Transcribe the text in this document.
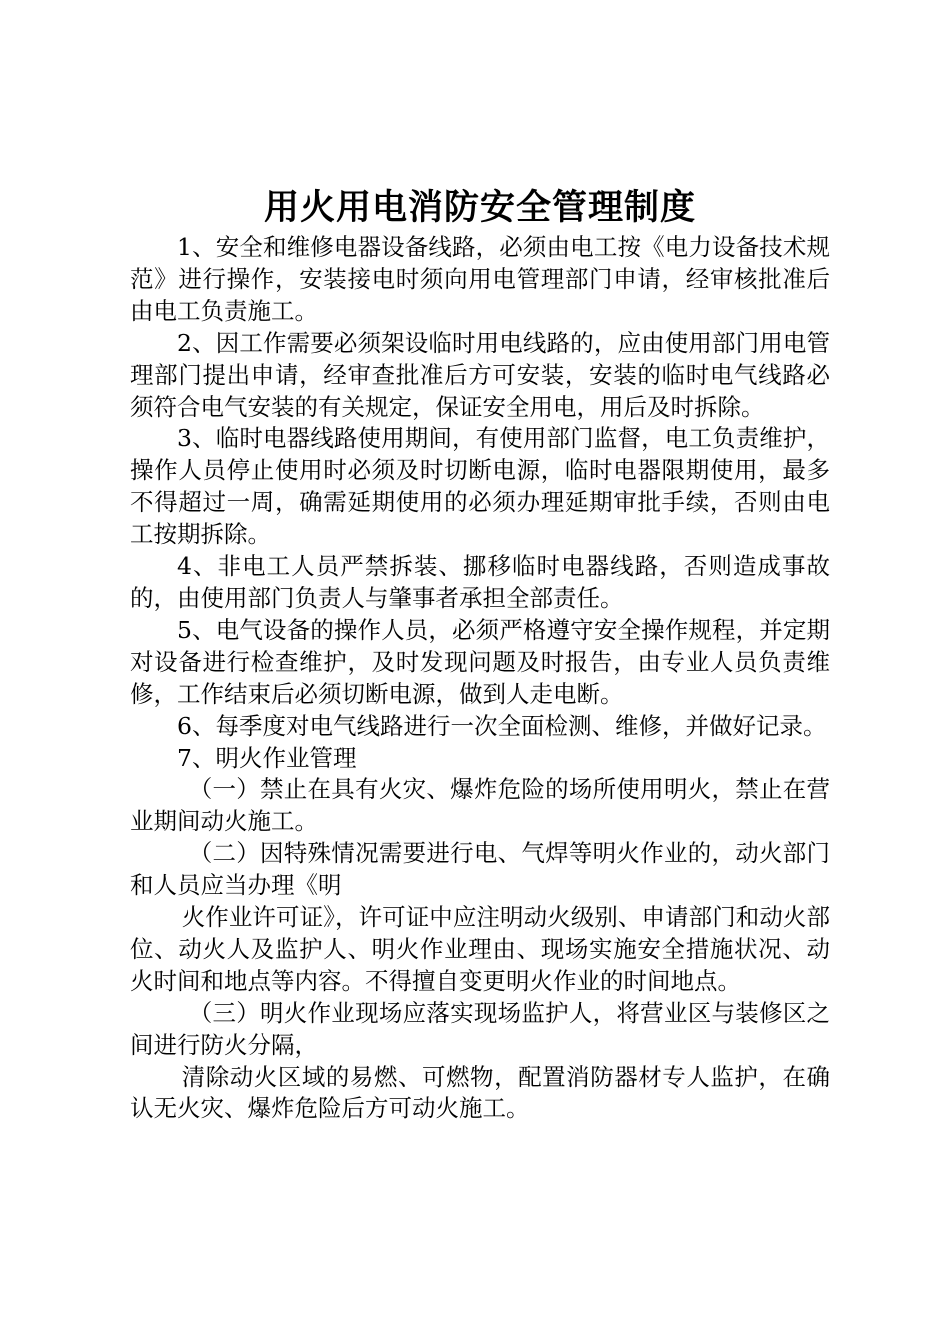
用火用电消防安全管理制度

1、安全和维修电器设备线路，必须由电工按《电力设备技术规范》进行操作，安装接电时须向用电管理部门申请，经审核批准后由电工负责施工。

2、因工作需要必须架设临时用电线路的，应由使用部门用电管理部门提出申请，经审查批准后方可安装，安装的临时电气线路必须符合电气安装的有关规定，保证安全用电，用后及时拆除。

3、临时电器线路使用期间，有使用部门监督，电工负责维护，操作人员停止使用时必须及时切断电源，临时电器限期使用，最多不得超过一周，确需延期使用的必须办理延期审批手续，否则由电工按期拆除。

4、非电工人员严禁拆装、挪移临时电器线路，否则造成事故的，由使用部门负责人与肇事者承担全部责任。

5、电气设备的操作人员，必须严格遵守安全操作规程，并定期对设备进行检查维护，及时发现问题及时报告，由专业人员负责维修，工作结束后必须切断电源，做到人走电断。

6、每季度对电气线路进行一次全面检测、维修，并做好记录。

7、明火作业管理

（一）禁止在具有火灾、爆炸危险的场所使用明火，禁止在营业期间动火施工。

（二）因特殊情况需要进行电、气焊等明火作业的，动火部门和人员应当办理《明

火作业许可证》，许可证中应注明动火级别、申请部门和动火部位、动火人及监护人、明火作业理由、现场实施安全措施状况、动火时间和地点等内容。不得擅自变更明火作业的时间地点。

（三）明火作业现场应落实现场监护人，将营业区与装修区之间进行防火分隔，

清除动火区域的易燃、可燃物，配置消防器材专人监护，在确认无火灾、爆炸危险后方可动火施工。
